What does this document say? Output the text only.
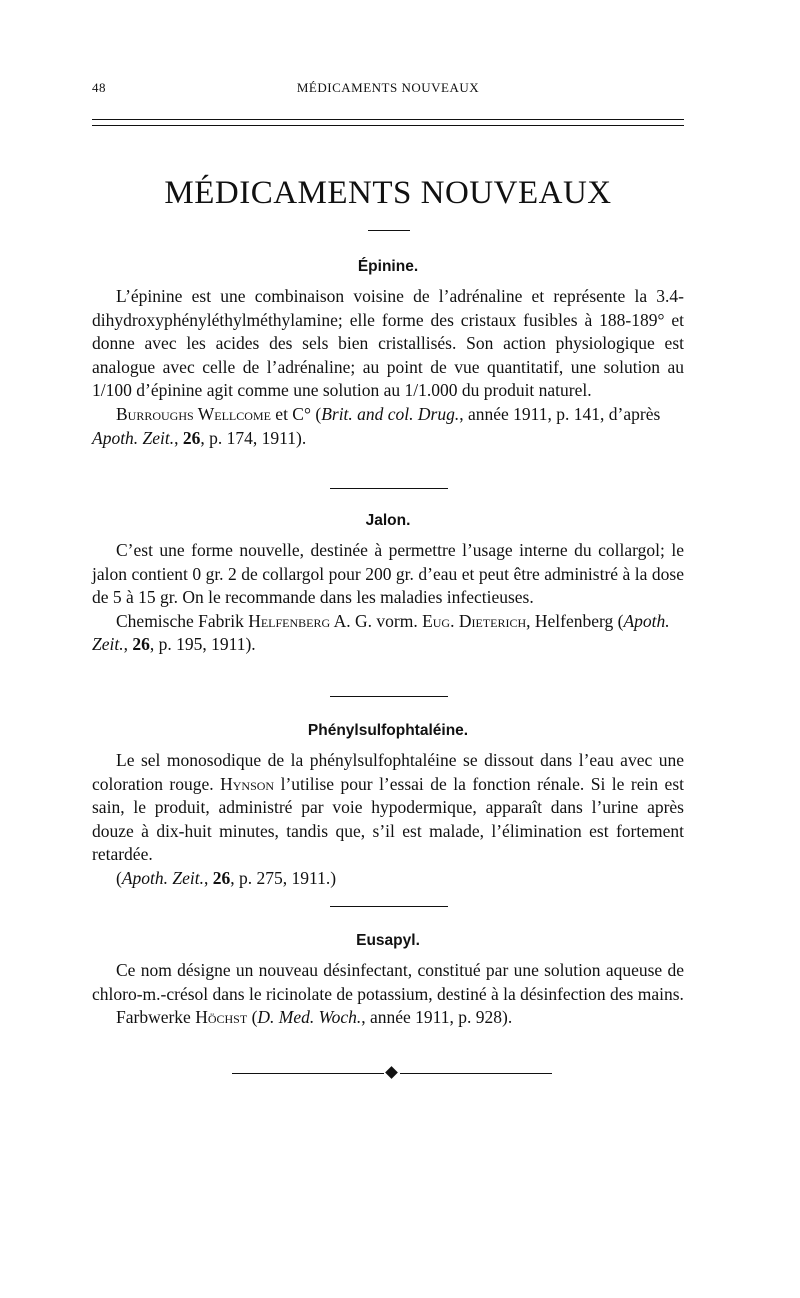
48	MÉDICAMENTS NOUVEAUX
MÉDICAMENTS NOUVEAUX
Épinine.

L’épinine est une combinaison voisine de l’adrénaline et représente la 3.4- dihydroxyphényléthylméthylamine; elle forme des cristaux fusibles à 188-189° et donne avec les acides des sels bien cristallisés. Son action physiologique est analogue avec celle de l’adrénaline; au point de vue quantitatif, une solution au 1/100 d’épinine agit comme une solution au 1/1.000 du produit naturel.

Burroughs Wellcome et C° (Brit. and col. Drug., année 1911, p. 141, d’après Apoth. Zeit., 26, p. 174, 1911).

Jalon.

C’est une forme nouvelle, destinée à permettre l’usage interne du collargol; le jalon contient 0 gr. 2 de collargol pour 200 gr. d’eau et peut être administré à la dose de 5 à 15 gr. On le recommande dans les maladies infectieuses.

Chemische Fabrik Helfenberg A. G. vorm. Eug. Dieterich, Helfenberg (Apoth. Zeit., 26, p. 195, 1911).

Phénylsulfophtaléine.

Le sel monosodique de la phénylsulfophtaléine se dissout dans l’eau avec une coloration rouge. Hynson l’utilise pour l’essai de la fonction rénale. Si le rein est sain, le produit, administré par voie hypodermique, apparaît dans l’urine après douze à dix-huit minutes, tandis que, s’il est malade, l’élimination est fortement retardée.

(Apoth. Zeit., 26, p. 275, 1911.)

Eusapyl.

Ce nom désigne un nouveau désinfectant, constitué par une solution aqueuse de chloro-m.-crésol dans le ricinolate de potassium, destiné à la désinfection des mains.

Farbwerke Höchst (D. Med. Woch., année 1911, p. 928).
